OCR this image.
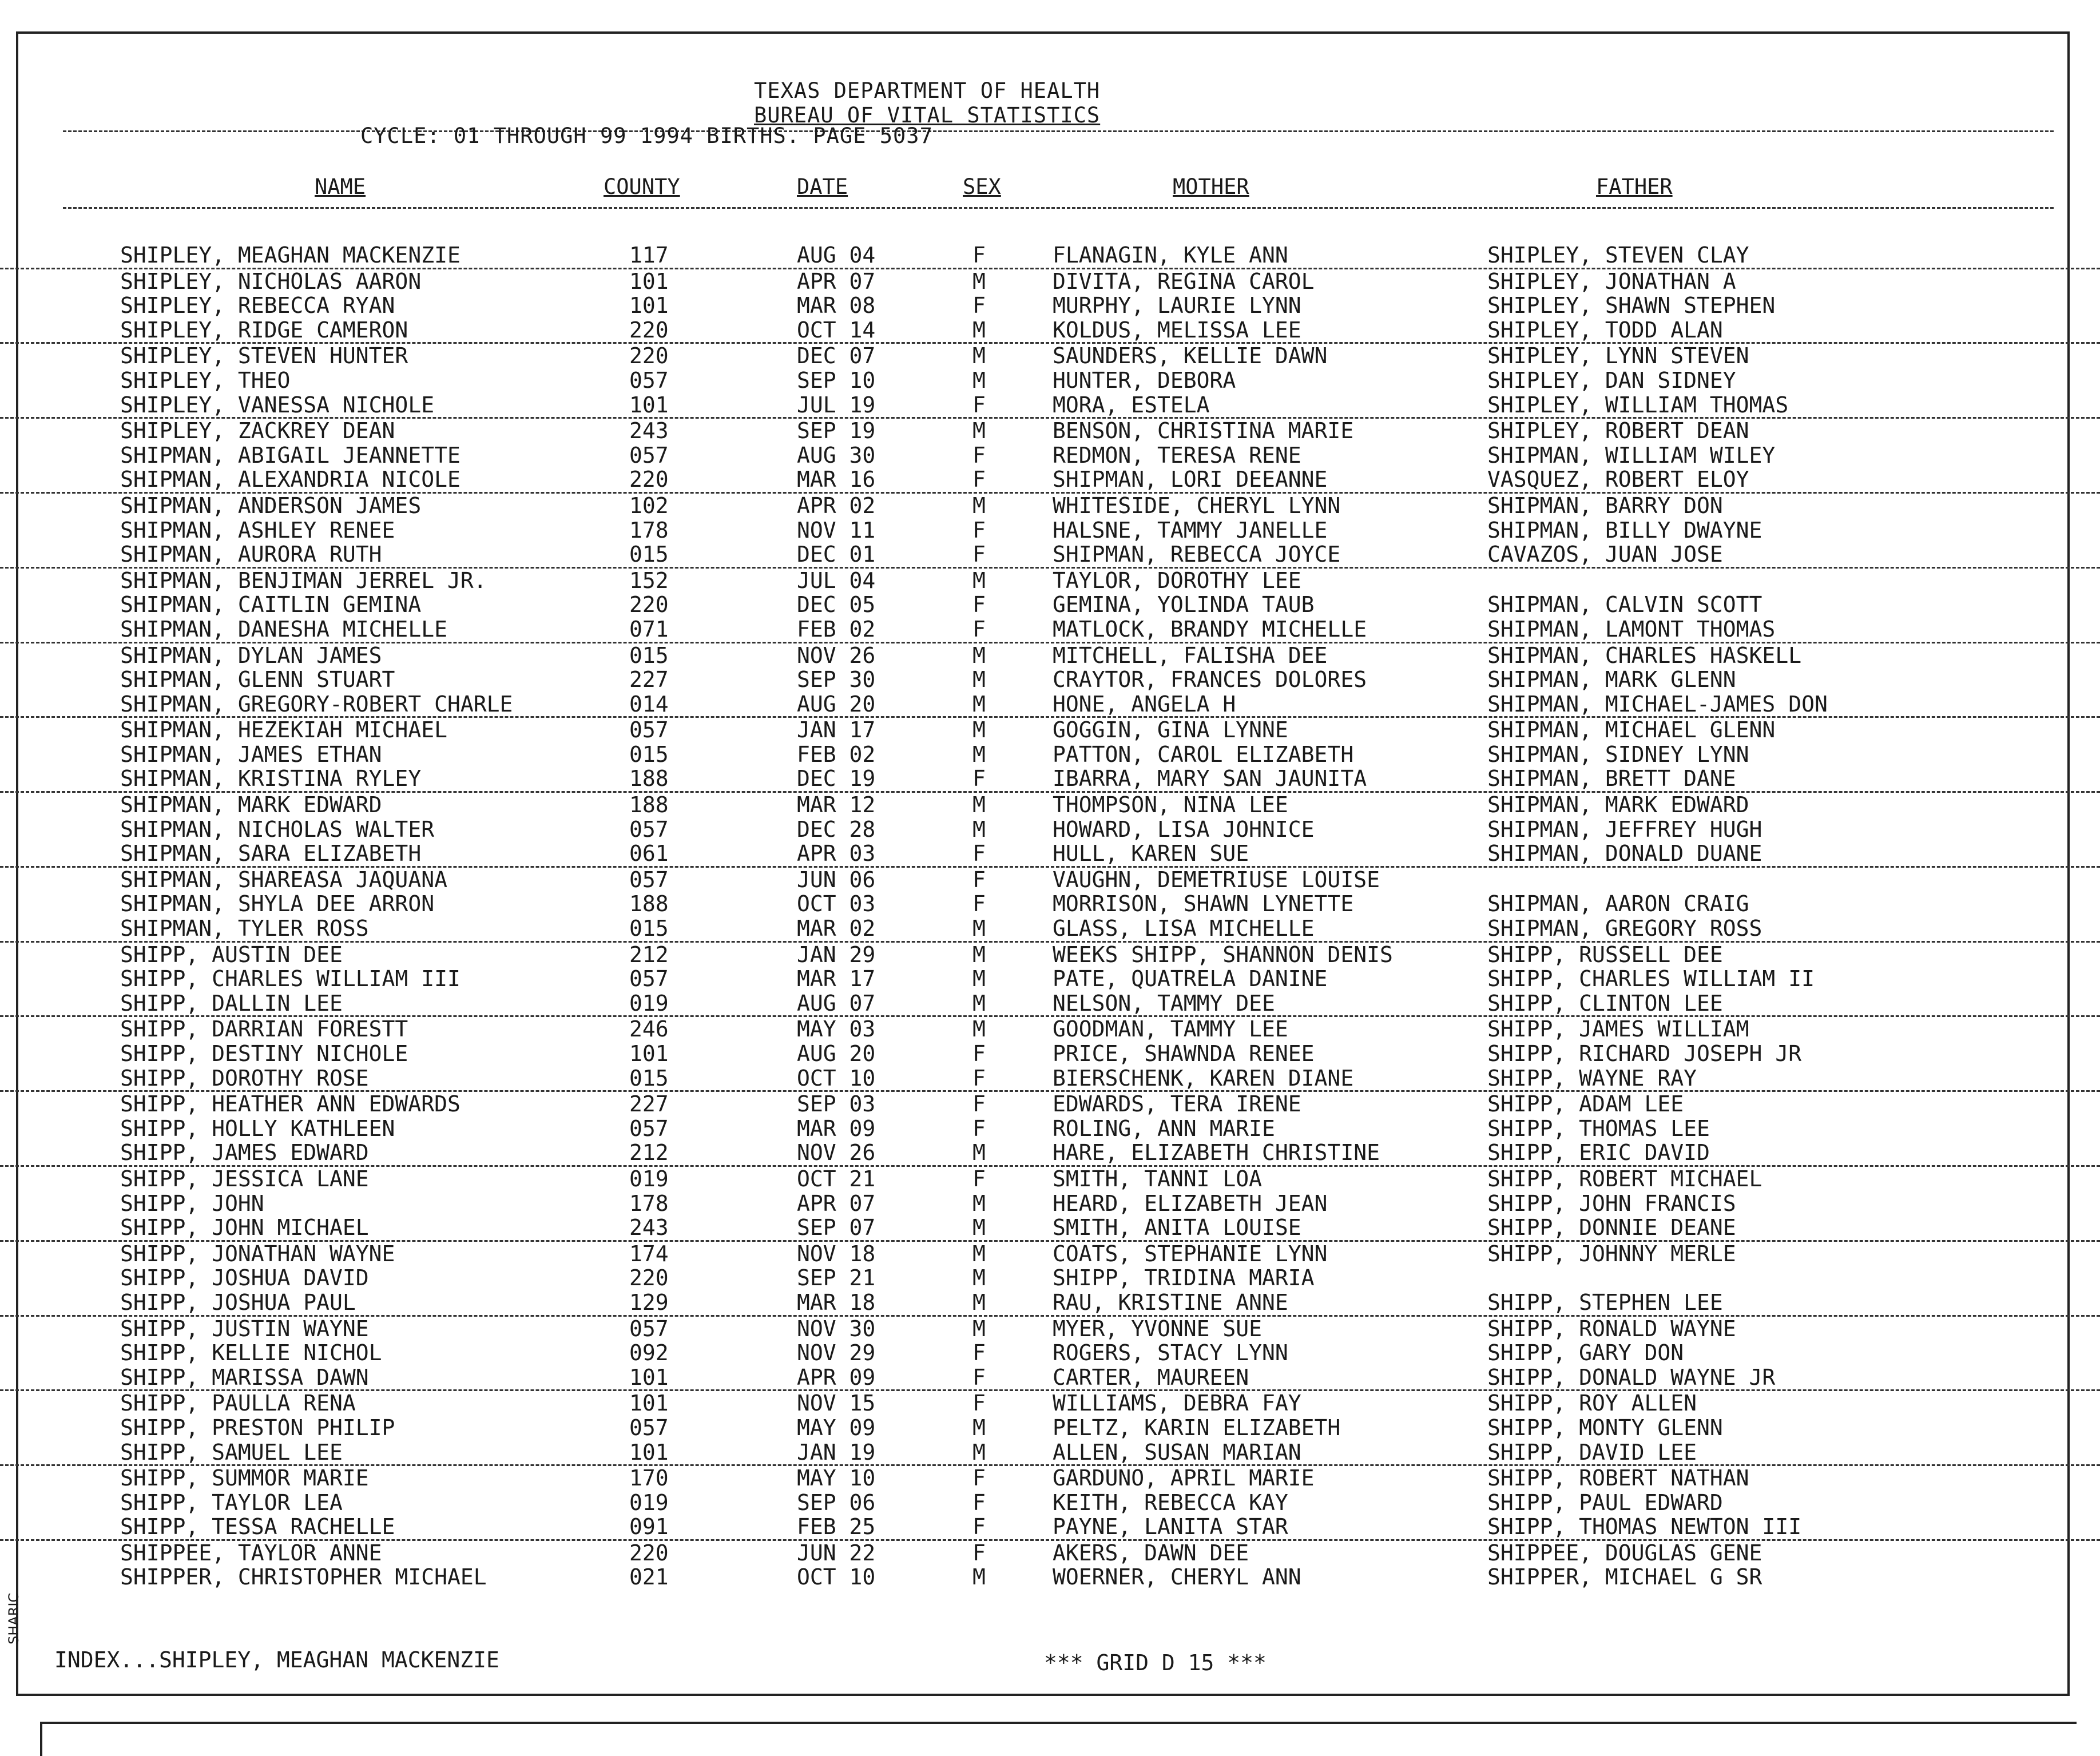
TEXAS DEPARTMENT OF HEALTH
BUREAU OF VITAL STATISTICS
CYCLE: 01 THROUGH 99 1994 BIRTHS. PAGE 5037
NAME	COUNTY	DATE	SEX	MOTHER	FATHER
SHIPLEY, MEAGHAN MACKENZIE	117	AUG 04	F	FLANAGIN, KYLE ANN	SHIPLEY, STEVEN CLAY
SHIPLEY, NICHOLAS AARON	101	APR 07	M	DIVITA, REGINA CAROL	SHIPLEY, JONATHAN A
SHIPLEY, REBECCA RYAN	101	MAR 08	F	MURPHY, LAURIE LYNN	SHIPLEY, SHAWN STEPHEN
SHIPLEY, RIDGE CAMERON	220	OCT 14	M	KOLDUS, MELISSA LEE	SHIPLEY, TODD ALAN
SHIPLEY, STEVEN HUNTER	220	DEC 07	M	SAUNDERS, KELLIE DAWN	SHIPLEY, LYNN STEVEN
SHIPLEY, THEO	057	SEP 10	M	HUNTER, DEBORA	SHIPLEY, DAN SIDNEY
SHIPLEY, VANESSA NICHOLE	101	JUL 19	F	MORA, ESTELA	SHIPLEY, WILLIAM THOMAS
SHIPLEY, ZACKREY DEAN	243	SEP 19	M	BENSON, CHRISTINA MARIE	SHIPLEY, ROBERT DEAN
SHIPMAN, ABIGAIL JEANNETTE	057	AUG 30	F	REDMON, TERESA RENE	SHIPMAN, WILLIAM WILEY
SHIPMAN, ALEXANDRIA NICOLE	220	MAR 16	F	SHIPMAN, LORI DEEANNE	VASQUEZ, ROBERT ELOY
SHIPMAN, ANDERSON JAMES	102	APR 02	M	WHITESIDE, CHERYL LYNN	SHIPMAN, BARRY DON
SHIPMAN, ASHLEY RENEE	178	NOV 11	F	HALSNE, TAMMY JANELLE	SHIPMAN, BILLY DWAYNE
SHIPMAN, AURORA RUTH	015	DEC 01	F	SHIPMAN, REBECCA JOYCE	CAVAZOS, JUAN JOSE
SHIPMAN, BENJIMAN JERREL JR.	152	JUL 04	M	TAYLOR, DOROTHY LEE
SHIPMAN, CAITLIN GEMINA	220	DEC 05	F	GEMINA, YOLINDA TAUB	SHIPMAN, CALVIN SCOTT
SHIPMAN, DANESHA MICHELLE	071	FEB 02	F	MATLOCK, BRANDY MICHELLE	SHIPMAN, LAMONT THOMAS
SHIPMAN, DYLAN JAMES	015	NOV 26	M	MITCHELL, FALISHA DEE	SHIPMAN, CHARLES HASKELL
SHIPMAN, GLENN STUART	227	SEP 30	M	CRAYTOR, FRANCES DOLORES	SHIPMAN, MARK GLENN
SHIPMAN, GREGORY-ROBERT CHARLE	014	AUG 20	M	HONE, ANGELA H	SHIPMAN, MICHAEL-JAMES DON
SHIPMAN, HEZEKIAH MICHAEL	057	JAN 17	M	GOGGIN, GINA LYNNE	SHIPMAN, MICHAEL GLENN
SHIPMAN, JAMES ETHAN	015	FEB 02	M	PATTON, CAROL ELIZABETH	SHIPMAN, SIDNEY LYNN
SHIPMAN, KRISTINA RYLEY	188	DEC 19	F	IBARRA, MARY SAN JAUNITA	SHIPMAN, BRETT DANE
SHIPMAN, MARK EDWARD	188	MAR 12	M	THOMPSON, NINA LEE	SHIPMAN, MARK EDWARD
SHIPMAN, NICHOLAS WALTER	057	DEC 28	M	HOWARD, LISA JOHNICE	SHIPMAN, JEFFREY HUGH
SHIPMAN, SARA ELIZABETH	061	APR 03	F	HULL, KAREN SUE	SHIPMAN, DONALD DUANE
SHIPMAN, SHAREASA JAQUANA	057	JUN 06	F	VAUGHN, DEMETRIUSE LOUISE
SHIPMAN, SHYLA DEE ARRON	188	OCT 03	F	MORRISON, SHAWN LYNETTE	SHIPMAN, AARON CRAIG
SHIPMAN, TYLER ROSS	015	MAR 02	M	GLASS, LISA MICHELLE	SHIPMAN, GREGORY ROSS
SHIPP, AUSTIN DEE	212	JAN 29	M	WEEKS SHIPP, SHANNON DENIS	SHIPP, RUSSELL DEE
SHIPP, CHARLES WILLIAM III	057	MAR 17	M	PATE, QUATRELA DANINE	SHIPP, CHARLES WILLIAM II
SHIPP, DALLIN LEE	019	AUG 07	M	NELSON, TAMMY DEE	SHIPP, CLINTON LEE
SHIPP, DARRIAN FORESTT	246	MAY 03	M	GOODMAN, TAMMY LEE	SHIPP, JAMES WILLIAM
SHIPP, DESTINY NICHOLE	101	AUG 20	F	PRICE, SHAWNDA RENEE	SHIPP, RICHARD JOSEPH JR
SHIPP, DOROTHY ROSE	015	OCT 10	F	BIERSCHENK, KAREN DIANE	SHIPP, WAYNE RAY
SHIPP, HEATHER ANN EDWARDS	227	SEP 03	F	EDWARDS, TERA IRENE	SHIPP, ADAM LEE
SHIPP, HOLLY KATHLEEN	057	MAR 09	F	ROLING, ANN MARIE	SHIPP, THOMAS LEE
SHIPP, JAMES EDWARD	212	NOV 26	M	HARE, ELIZABETH CHRISTINE	SHIPP, ERIC DAVID
SHIPP, JESSICA LANE	019	OCT 21	F	SMITH, TANNI LOA	SHIPP, ROBERT MICHAEL
SHIPP, JOHN	178	APR 07	M	HEARD, ELIZABETH JEAN	SHIPP, JOHN FRANCIS
SHIPP, JOHN MICHAEL	243	SEP 07	M	SMITH, ANITA LOUISE	SHIPP, DONNIE DEANE
SHIPP, JONATHAN WAYNE	174	NOV 18	M	COATS, STEPHANIE LYNN	SHIPP, JOHNNY MERLE
SHIPP, JOSHUA DAVID	220	SEP 21	M	SHIPP, TRIDINA MARIA
SHIPP, JOSHUA PAUL	129	MAR 18	M	RAU, KRISTINE ANNE	SHIPP, STEPHEN LEE
SHIPP, JUSTIN WAYNE	057	NOV 30	M	MYER, YVONNE SUE	SHIPP, RONALD WAYNE
SHIPP, KELLIE NICHOL	092	NOV 29	F	ROGERS, STACY LYNN	SHIPP, GARY DON
SHIPP, MARISSA DAWN	101	APR 09	F	CARTER, MAUREEN	SHIPP, DONALD WAYNE JR
SHIPP, PAULLA RENA	101	NOV 15	F	WILLIAMS, DEBRA FAY	SHIPP, ROY ALLEN
SHIPP, PRESTON PHILIP	057	MAY 09	M	PELTZ, KARIN ELIZABETH	SHIPP, MONTY GLENN
SHIPP, SAMUEL LEE	101	JAN 19	M	ALLEN, SUSAN MARIAN	SHIPP, DAVID LEE
SHIPP, SUMMOR MARIE	170	MAY 10	F	GARDUNO, APRIL MARIE	SHIPP, ROBERT NATHAN
SHIPP, TAYLOR LEA	019	SEP 06	F	KEITH, REBECCA KAY	SHIPP, PAUL EDWARD
SHIPP, TESSA RACHELLE	091	FEB 25	F	PAYNE, LANITA STAR	SHIPP, THOMAS NEWTON III
SHIPPEE, TAYLOR ANNE	220	JUN 22	F	AKERS, DAWN DEE	SHIPPEE, DOUGLAS GENE
SHIPPER, CHRISTOPHER MICHAEL	021	OCT 10	M	WOERNER, CHERYL ANN	SHIPPER, MICHAEL G SR
INDEX...SHIPLEY, MEAGHAN MACKENZIE	*** GRID D 15 ***
SHARIC
